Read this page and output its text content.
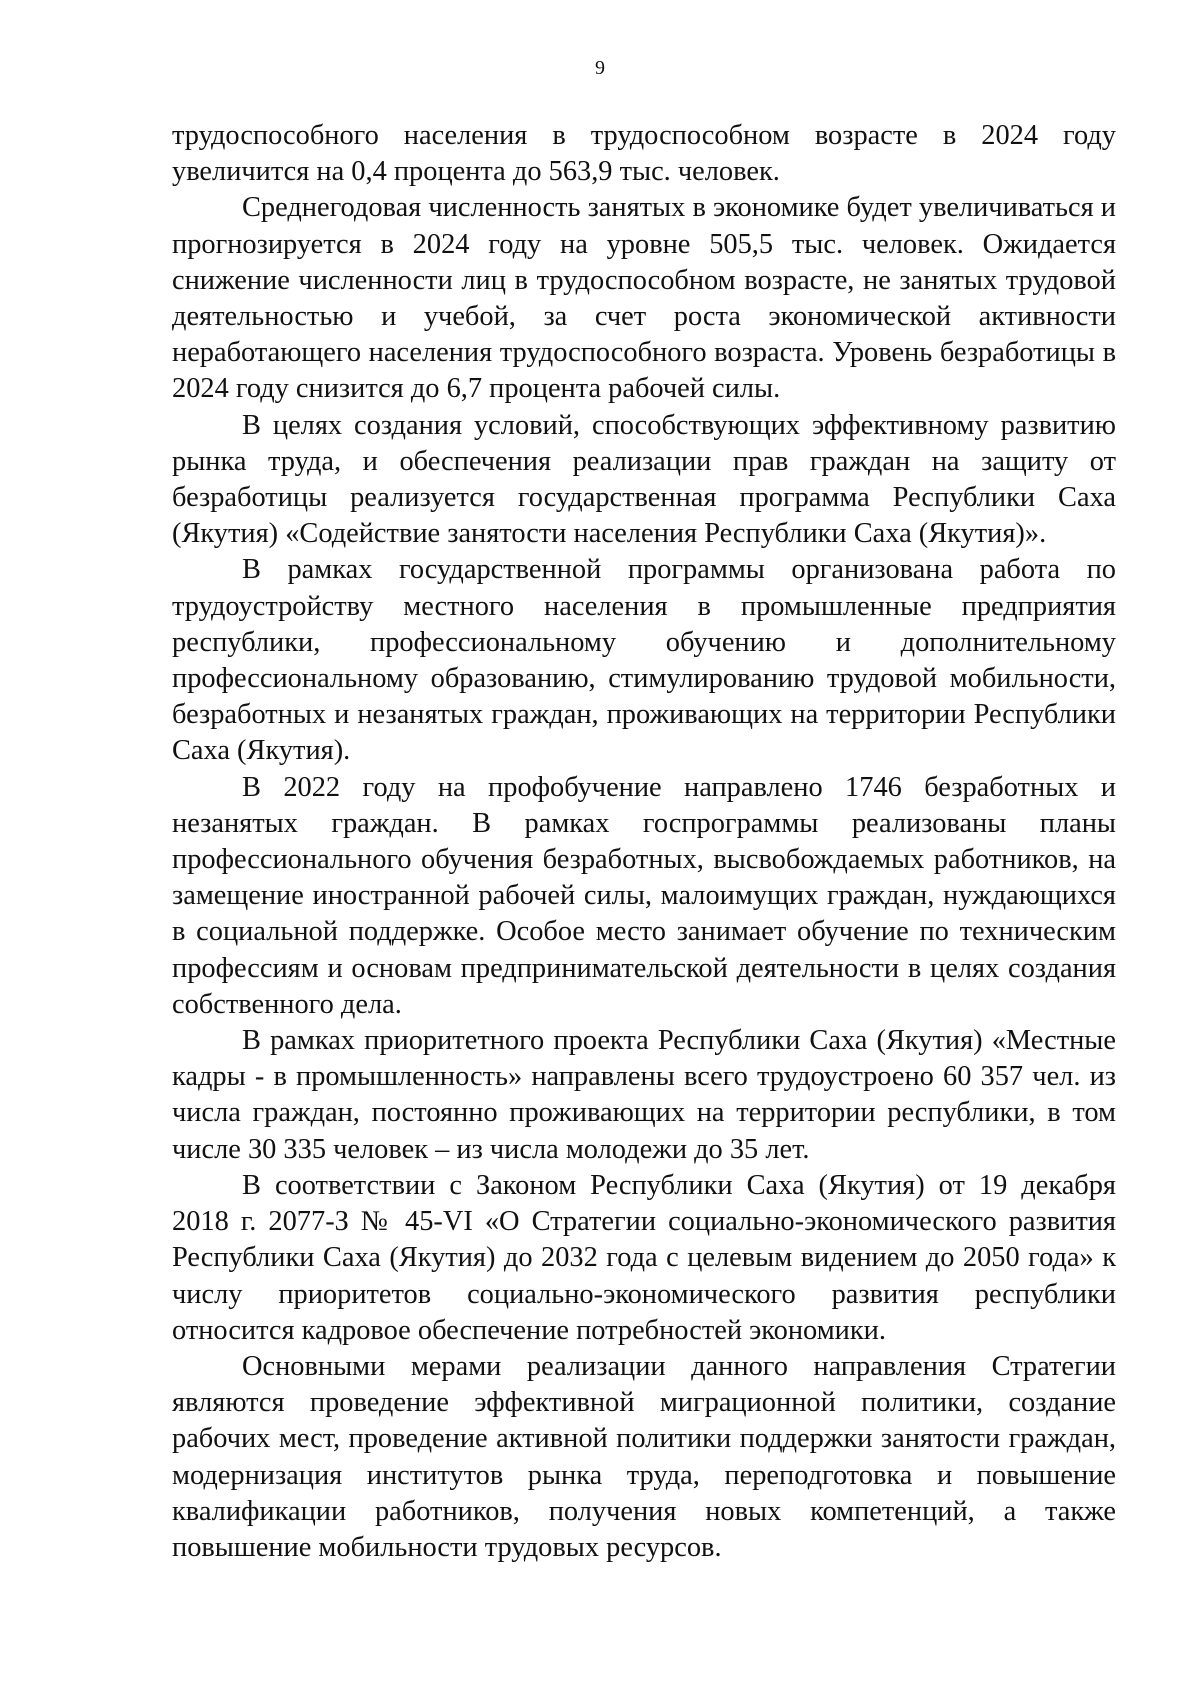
9

трудоспособного населения в трудоспособном возрасте в 2024 году увеличится на 0,4 процента до 563,9 тыс. человек.

Среднегодовая численность занятых в экономике будет увеличиваться и прогнозируется в 2024 году на уровне 505,5 тыс. человек. Ожидается снижение численности лиц в трудоспособном возрасте, не занятых трудовой деятельностью и учебой, за счет роста экономической активности неработающего населения трудоспособного возраста. Уровень безработицы в 2024 году снизится до 6,7 процента рабочей силы.

В целях создания условий, способствующих эффективному развитию рынка труда, и обеспечения реализации прав граждан на защиту от безработицы реализуется государственная программа Республики Саха (Якутия) «Содействие занятости населения Республики Саха (Якутия)».

В рамках государственной программы организована работа по трудоустройству местного населения в промышленные предприятия республики, профессиональному обучению и дополнительному профессиональному образованию, стимулированию трудовой мобильности, безработных и незанятых граждан, проживающих на территории Республики Саха (Якутия).

В 2022 году на профобучение направлено 1746 безработных и незанятых граждан. В рамках госпрограммы реализованы планы профессионального обучения безработных, высвобождаемых работников, на замещение иностранной рабочей силы, малоимущих граждан, нуждающихся в социальной поддержке. Особое место занимает обучение по техническим профессиям и основам предпринимательской деятельности в целях создания собственного дела.

В рамках приоритетного проекта Республики Саха (Якутия) «Местные кадры - в промышленность» направлены всего трудоустроено 60 357 чел. из числа граждан, постоянно проживающих на территории республики, в том числе 30 335 человек – из числа молодежи до 35 лет.

В соответствии с Законом Республики Саха (Якутия) от 19 декабря 2018 г. 2077-З № 45-VI «О Стратегии социально-экономического развития Республики Саха (Якутия) до 2032 года с целевым видением до 2050 года» к числу приоритетов социально-экономического развития республики относится кадровое обеспечение потребностей экономики.

Основными мерами реализации данного направления Стратегии являются проведение эффективной миграционной политики, создание рабочих мест, проведение активной политики поддержки занятости граждан, модернизация институтов рынка труда, переподготовка и повышение квалификации работников, получения новых компетенций, а также повышение мобильности трудовых ресурсов.
